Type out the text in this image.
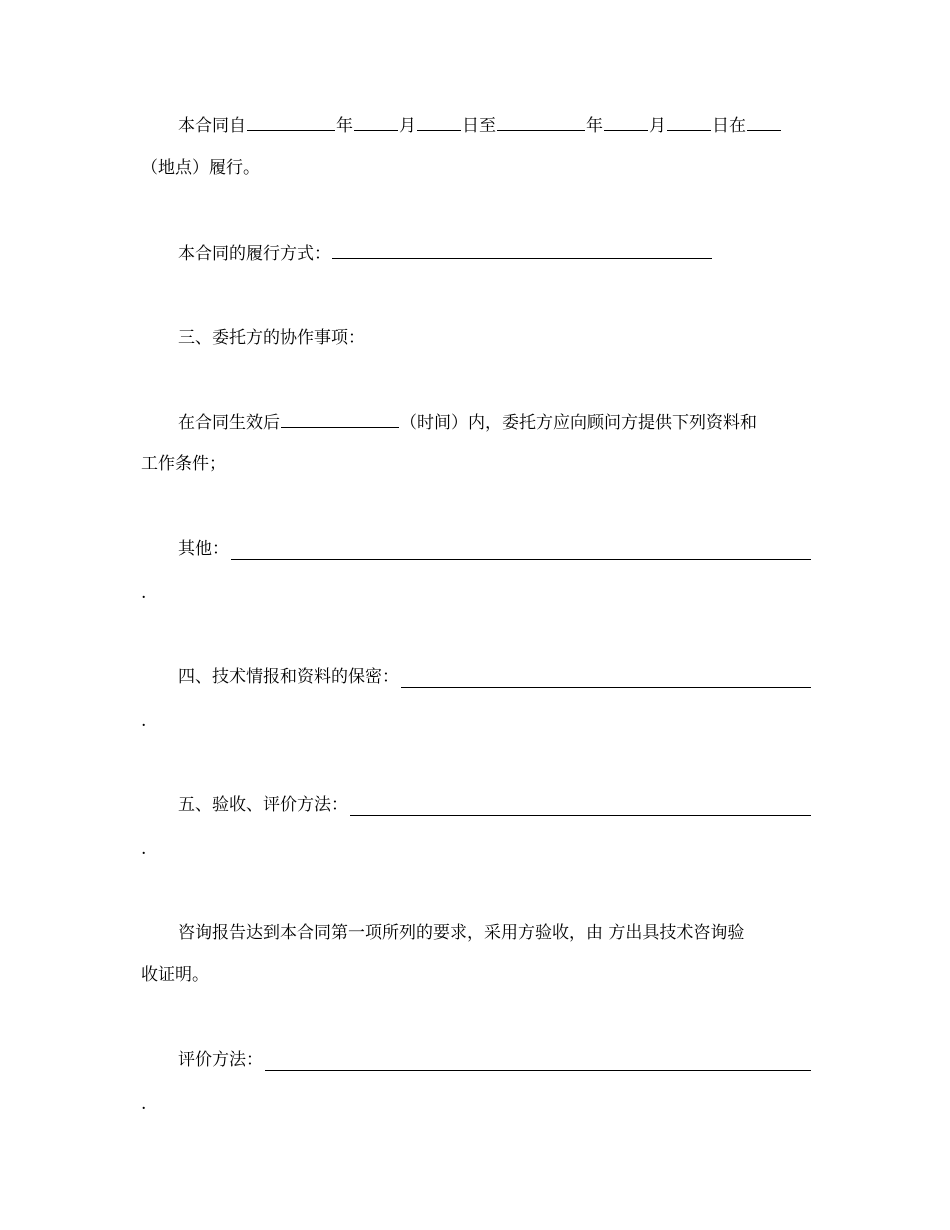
本合同自	年	月	日至	年	月	日在
（地点）履行。
本合同的履行方式：
三、委托方的协作事项：
在合同生效后	（时间）内，委托方应向顾问方提供下列资料和
工作条件；
其他：
.
四、技术情报和资料的保密：
.
五、验收、评价方法：
.
咨询报告达到本合同第一项所列的要求，采用方验收，由 方出具技术咨询验
收证明。
评价方法：
.
